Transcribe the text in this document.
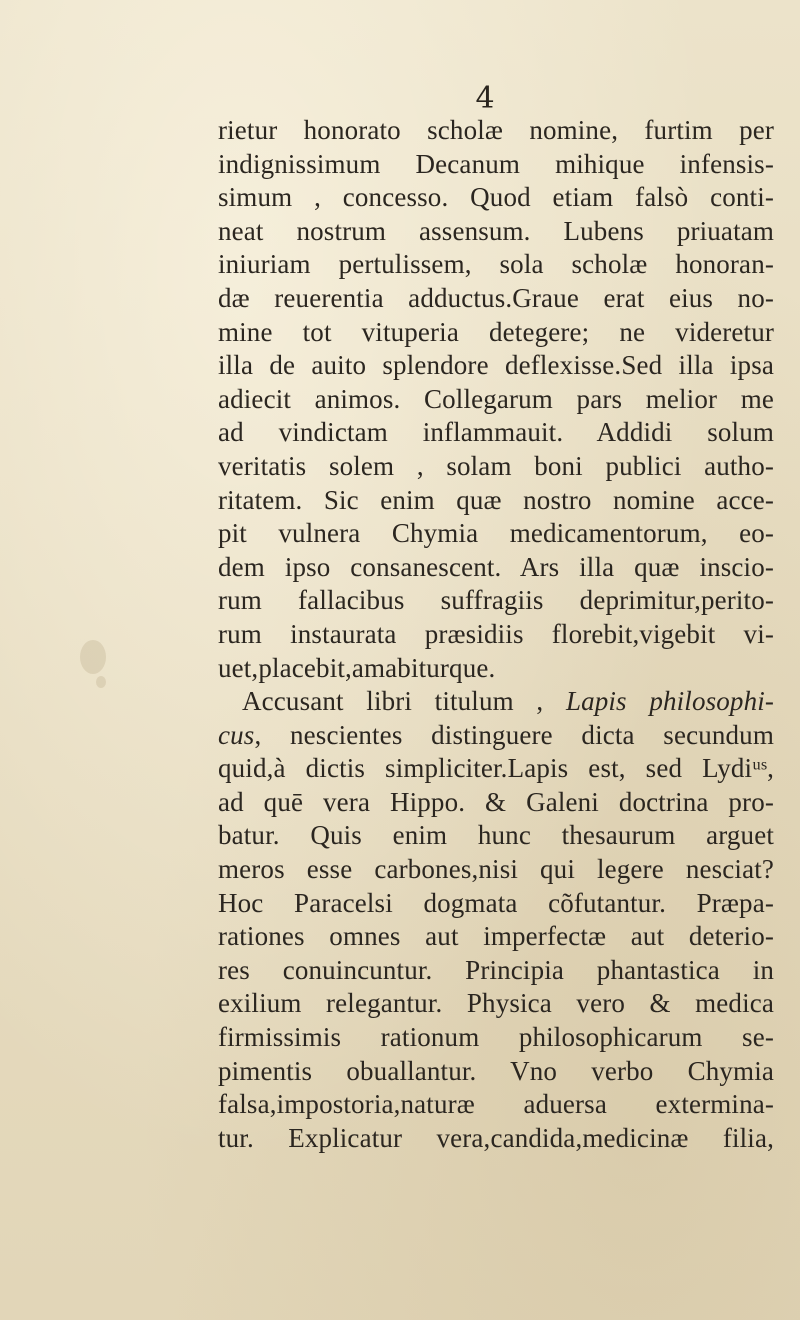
4
rietur honorato scholæ nomine, furtim per
indignissimum Decanum mihique infensis-
simum , concesso. Quod etiam falsò conti-
neat nostrum assensum. Lubens priuatam
iniuriam pertulissem, sola scholæ honoran-
dæ reuerentia adductus.Graue erat eius no-
mine tot vituperia detegere; ne videretur
illa de auito splendore deflexisse.Sed illa ipsa
adiecit animos. Collegarum pars melior me
ad vindictam inflammauit. Addidi solum
veritatis solem , solam boni publici autho-
ritatem. Sic enim quæ nostro nomine acce-
pit vulnera Chymia medicamentorum, eo-
dem ipso consanescent. Ars illa quæ inscio-
rum fallacibus suffragiis deprimitur,perito-
rum instaurata præsidiis florebit,vigebit vi-
uet,placebit,amabiturque.
Accusant libri titulum , Lapis philosophi-
cus, nescientes distinguere dicta secundum
quid,à dictis simpliciter.Lapis est, sed Lydiᵘˢ,
ad quē vera Hippo. & Galeni doctrina pro-
batur. Quis enim hunc thesaurum arguet
meros esse carbones,nisi qui legere nesciat?
Hoc Paracelsi dogmata cõfutantur. Præpa-
rationes omnes aut imperfectæ aut deterio-
res conuincuntur. Principia phantastica in
exilium relegantur. Physica vero & medica
firmissimis rationum philosophicarum se-
pimentis obuallantur. Vno verbo Chymia
falsa,impostoria,naturæ aduersa extermina-
tur. Explicatur vera,candida,medicinæ filia,
